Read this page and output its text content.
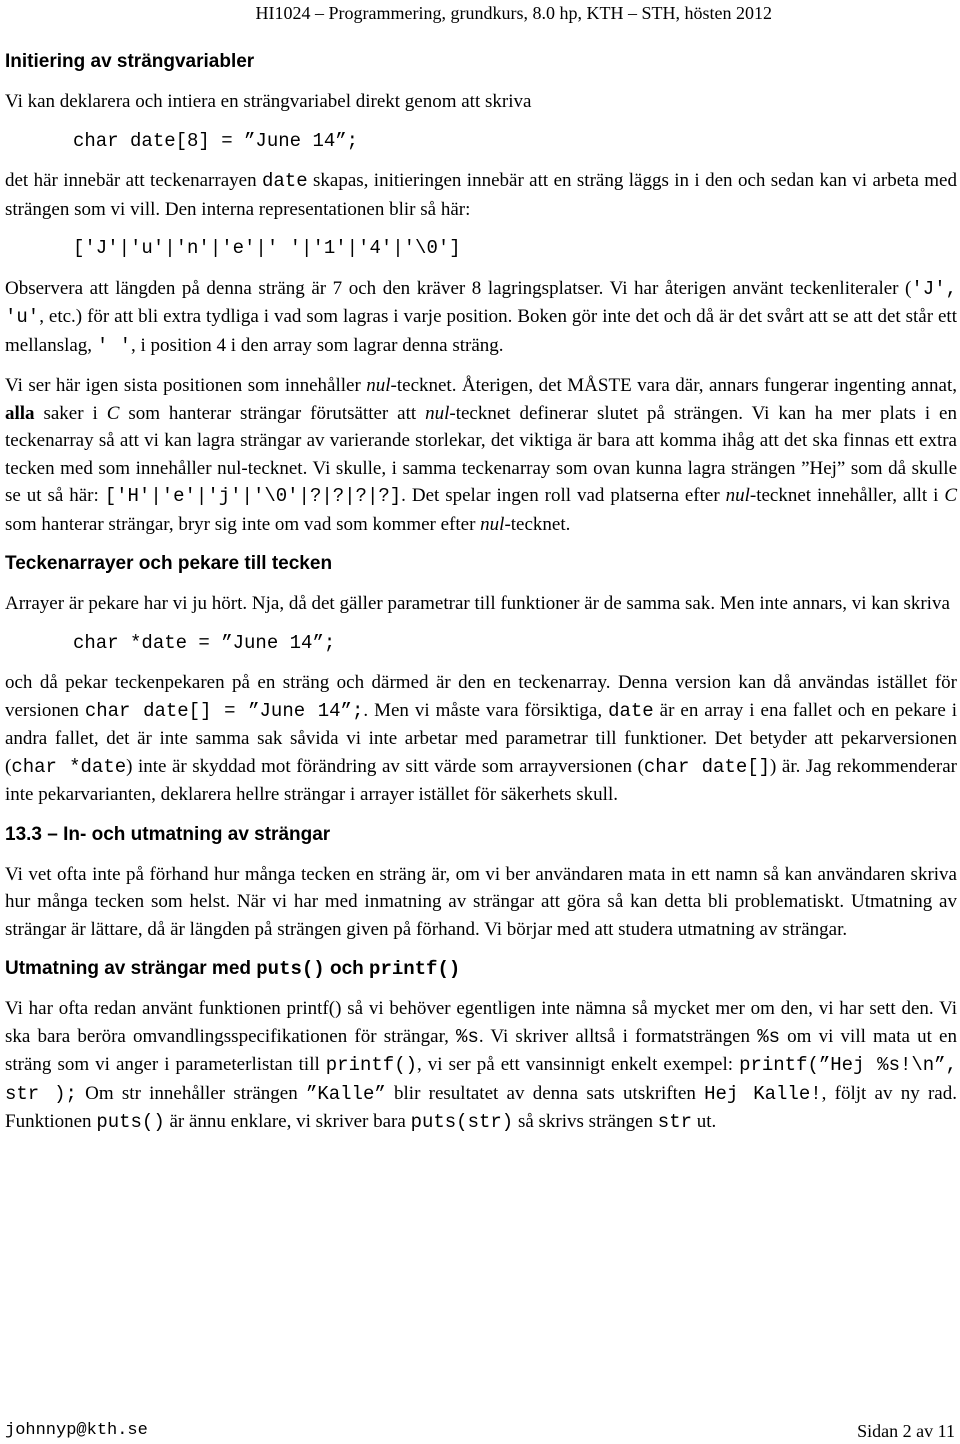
HI1024 – Programmering, grundkurs, 8.0 hp, KTH – STH, hösten 2012
Initiering av strängvariabler

Vi kan deklarera och intiera en strängvariabel direkt genom att skriva

char date[8] = ”June 14”;

det här innebär att teckenarrayen date skapas, initieringen innebär att en sträng läggs in i den och sedan kan vi arbeta med strängen som vi vill. Den interna representationen blir så här:

['J'|'u'|'n'|'e'|' '|'1'|'4'|'\0']

Observera att längden på denna sträng är 7 och den kräver 8 lagringsplatser. Vi har återigen använt teckenliteraler ('J', 'u', etc.) för att bli extra tydliga i vad som lagras i varje position. Boken gör inte det och då är det svårt att se att det står ett mellanslag, ' ', i position 4 i den array som lagrar denna sträng.

Vi ser här igen sista positionen som innehåller nul-tecknet. Återigen, det MÅSTE vara där, annars fungerar ingenting annat, alla saker i C som hanterar strängar förutsätter att nul-tecknet definerar slutet på strängen. Vi kan ha mer plats i en teckenarray så att vi kan lagra strängar av varierande storlekar, det viktiga är bara att komma ihåg att det ska finnas ett extra tecken med som innehåller nul-tecknet. Vi skulle, i samma teckenarray som ovan kunna lagra strängen ”Hej” som då skulle se ut så här: ['H'|'e'|'j'|'\0'|?|?|?|?]. Det spelar ingen roll vad platserna efter nul-tecknet innehåller, allt i C som hanterar strängar, bryr sig inte om vad som kommer efter nul-tecknet.

Teckenarrayer och pekare till tecken

Arrayer är pekare har vi ju hört. Nja, då det gäller parametrar till funktioner är de samma sak. Men inte annars, vi kan skriva

char *date = ”June 14”;

och då pekar teckenpekaren på en sträng och därmed är den en teckenarray. Denna version kan då användas istället för versionen char date[] = ”June 14”;. Men vi måste vara försiktiga, date är en array i ena fallet och en pekare i andra fallet, det är inte samma sak såvida vi inte arbetar med parametrar till funktioner. Det betyder att pekarversionen (char *date) inte är skyddad mot förändring av sitt värde som arrayversionen (char date[]) är. Jag rekommenderar inte pekarvarianten, deklarera hellre strängar i arrayer istället för säkerhets skull.

13.3 – In- och utmatning av strängar

Vi vet ofta inte på förhand hur många tecken en sträng är, om vi ber användaren mata in ett namn så kan användaren skriva hur många tecken som helst. När vi har med inmatning av strängar att göra så kan detta bli problematiskt. Utmatning av strängar är lättare, då är längden på strängen given på förhand. Vi börjar med att studera utmatning av strängar.

Utmatning av strängar med puts() och printf()

Vi har ofta redan använt funktionen printf() så vi behöver egentligen inte nämna så mycket mer om den, vi har sett den. Vi ska bara beröra omvandlingsspecifikationen för strängar, %s. Vi skriver alltså i formatsträngen %s om vi vill mata ut en sträng som vi anger i parameterlistan till printf(), vi ser på ett vansinnigt enkelt exempel: printf(”Hej %s!\n”, str ); Om str innehåller strängen ”Kalle” blir resultatet av denna sats utskriften Hej Kalle!, följt av ny rad. Funktionen puts() är ännu enklare, vi skriver bara puts(str) så skrivs strängen str ut.

johnnyp@kth.se	Sidan 2 av 11
